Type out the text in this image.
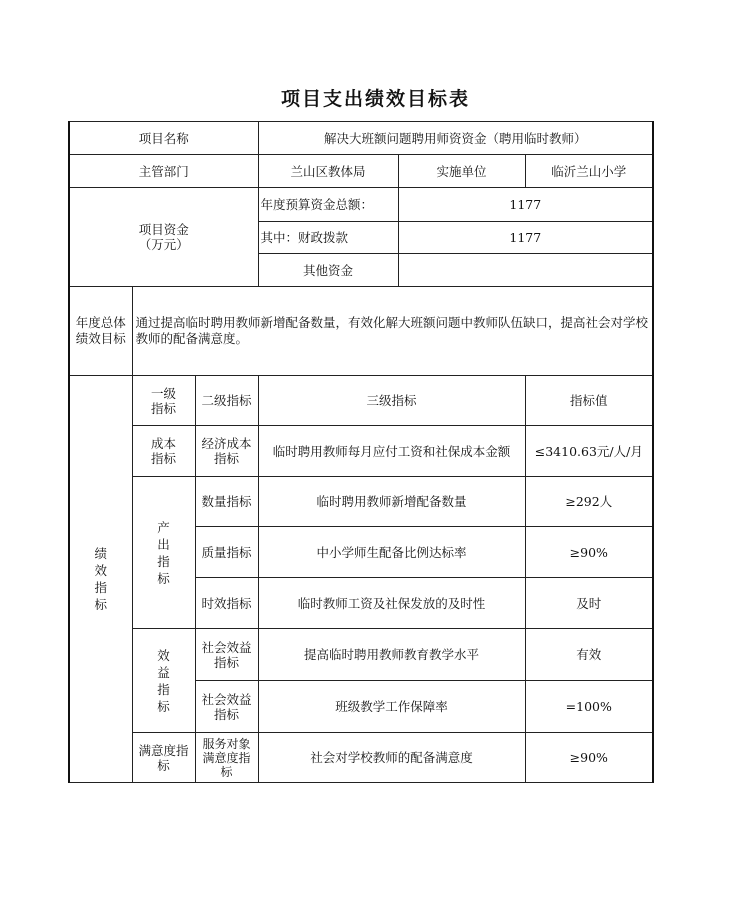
项目支出绩效目标表
项目名称			解决大班额问题聘用师资资金（聘用临时教师）		
主管部门			兰山区教体局	实施单位	临沂兰山小学

项目资金
（万元）			年度预算资金总额：	1177	
			其中：财政拨款	1177	
			其他资金		
年度总体绩效目标	通过提高临时聘用教师新增配备数量，有效化解大班额问题中教师队伍缺口，提高社会对学校教师的配备满意度。				
绩效指标	一级指标	二级指标	三级指标		指标值
	成本指标	经济成本指标	临时聘用教师每月应付工资和社保成本金额		≤3410.63元/人/月
	产出指标	数量指标	临时聘用教师新增配备数量		≥292人
		质量指标	中小学师生配备比例达标率		≥90%
		时效指标	临时教师工资及社保发放的及时性		及时
	效益指标	社会效益指标	提高临时聘用教师教育教学水平		有效
		社会效益指标	班级教学工作保障率		=100%
	满意度指标	服务对象满意度指标	社会对学校教师的配备满意度		≥90%
